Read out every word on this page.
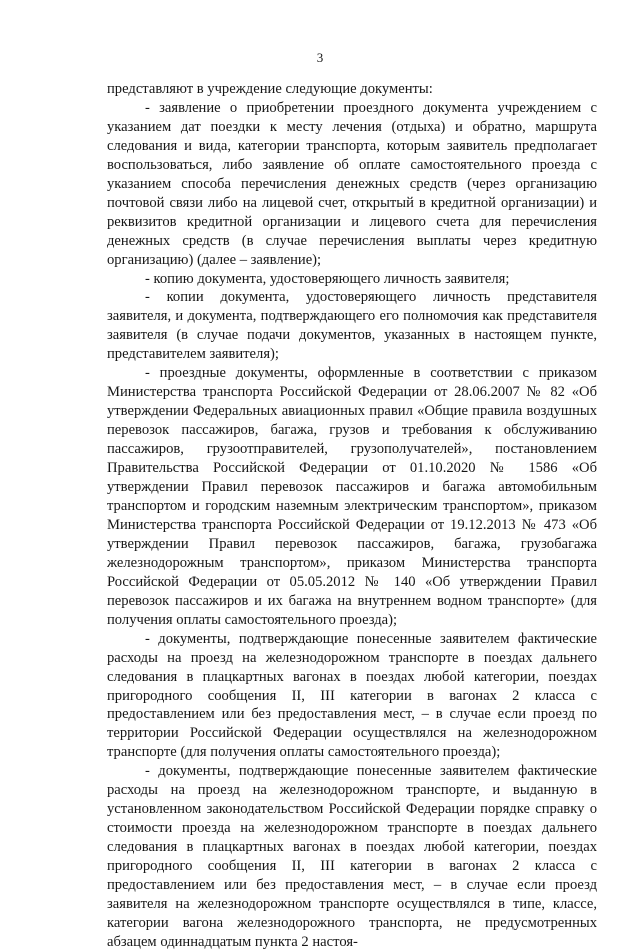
3

представляют в учреждение следующие документы:

- заявление о приобретении проездного документа учреждением с указанием дат поездки к месту лечения (отдыха) и обратно, маршрута следования и вида, категории транспорта, которым заявитель предполагает воспользоваться, либо заявление об оплате самостоятельного проезда с указанием способа перечисления денежных средств (через организацию почтовой связи либо на лицевой счет, открытый в кредитной организации) и реквизитов кредитной организации и лицевого счета для перечисления денежных средств (в случае перечисления выплаты через кредитную организацию) (далее – заявление);

- копию документа, удостоверяющего личность заявителя;

- копии документа, удостоверяющего личность представителя заявителя, и документа, подтверждающего его полномочия как представителя заявителя (в случае подачи документов, указанных в настоящем пункте, представителем заявителя);

- проездные документы, оформленные в соответствии с приказом Министерства транспорта Российской Федерации от 28.06.2007 № 82 «Об утверждении Федеральных авиационных правил «Общие правила воздушных перевозок пассажиров, багажа, грузов и требования к обслуживанию пассажиров, грузоотправителей, грузополучателей», постановлением Правительства Российской Федерации от 01.10.2020 № 1586 «Об утверждении Правил перевозок пассажиров и багажа автомобильным транспортом и городским наземным электрическим транспортом», приказом Министерства транспорта Российской Федерации от 19.12.2013 № 473 «Об утверждении Правил перевозок пассажиров, багажа, грузобагажа железнодорожным транспортом», приказом Министерства транспорта Российской Федерации от 05.05.2012 № 140 «Об утверждении Правил перевозок пассажиров и их багажа на внутреннем водном транспорте» (для получения оплаты самостоятельного проезда);

- документы, подтверждающие понесенные заявителем фактические расходы на проезд на железнодорожном транспорте в поездах дальнего следования в плацкартных вагонах в поездах любой категории, поездах пригородного сообщения II, III категории в вагонах 2 класса с предоставлением или без предоставления мест, – в случае если проезд по территории Российской Федерации осуществлялся на железнодорожном транспорте (для получения оплаты самостоятельного проезда);

- документы, подтверждающие понесенные заявителем фактические расходы на проезд на железнодорожном транспорте, и выданную в установленном законодательством Российской Федерации порядке справку о стоимости проезда на железнодорожном транспорте в поездах дальнего следования в плацкартных вагонах в поездах любой категории, поездах пригородного сообщения II, III категории в вагонах 2 класса с предоставлением или без предоставления мест, – в случае если проезд заявителя на железнодорожном транспорте осуществлялся в типе, классе, категории вагона железнодорожного транспорта, не предусмотренных абзацем одиннадцатым пункта 2 настоя-
